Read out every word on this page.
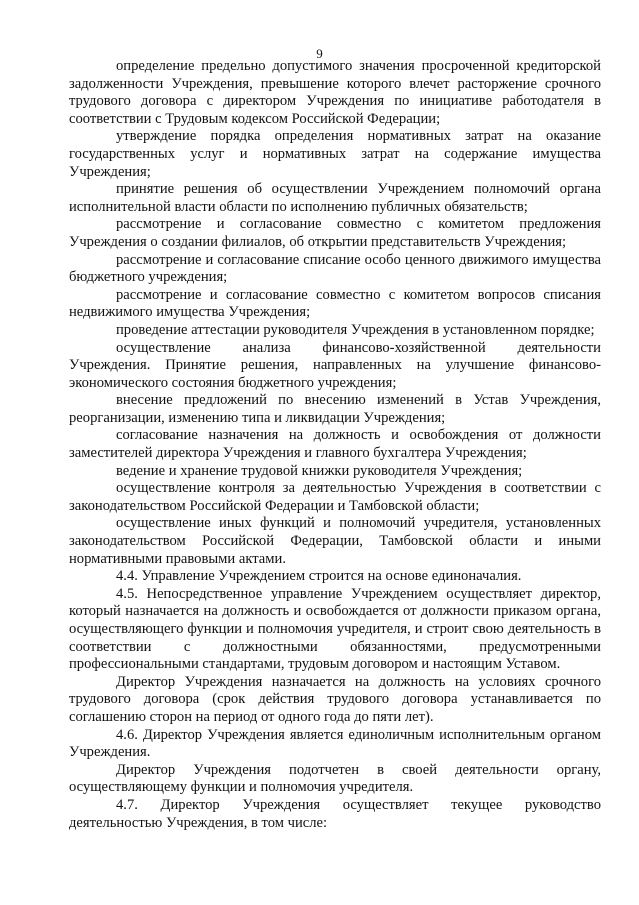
9

определение предельно допустимого значения просроченной кредиторской задолженности Учреждения, превышение которого влечет расторжение срочного трудового договора с директором Учреждения по инициативе работодателя в соответствии с Трудовым кодексом Российской Федерации;

утверждение порядка определения нормативных затрат на оказание государственных услуг и нормативных затрат на содержание имущества Учреждения;

принятие решения об осуществлении Учреждением полномочий органа исполнительной власти области по исполнению публичных обязательств;

рассмотрение и согласование совместно с комитетом предложения Учреждения о создании филиалов, об открытии представительств Учреждения;

рассмотрение и согласование списание особо ценного движимого имущества бюджетного учреждения;

рассмотрение и согласование совместно с комитетом вопросов списания недвижимого имущества Учреждения;

проведение аттестации руководителя Учреждения в установленном порядке;

осуществление анализа финансово-хозяйственной деятельности Учреждения. Принятие решения, направленных на улучшение финансово-экономического состояния бюджетного учреждения;

внесение предложений по внесению изменений в Устав Учреждения, реорганизации, изменению типа и ликвидации Учреждения;

согласование назначения на должность и освобождения от должности заместителей директора Учреждения и главного бухгалтера Учреждения;

ведение и хранение трудовой книжки руководителя Учреждения;

осуществление контроля за деятельностью Учреждения в соответствии с законодательством Российской Федерации и Тамбовской области;

осуществление иных функций и полномочий учредителя, установленных законодательством Российской Федерации, Тамбовской области и иными нормативными правовыми актами.

4.4. Управление Учреждением строится на основе единоначалия.

4.5. Непосредственное управление Учреждением осуществляет директор, который назначается на должность и освобождается от должности приказом органа, осуществляющего функции и полномочия учредителя, и строит свою деятельность в соответствии с должностными обязанностями, предусмотренными профессиональными стандартами, трудовым договором и настоящим Уставом.

Директор Учреждения назначается на должность на условиях срочного трудового договора (срок действия трудового договора устанавливается по соглашению сторон на период от одного года до пяти лет).

4.6. Директор Учреждения является единоличным исполнительным органом Учреждения.

Директор Учреждения подотчетен в своей деятельности органу, осуществляющему функции и полномочия учредителя.

4.7. Директор Учреждения осуществляет текущее руководство деятельностью Учреждения, в том числе:
